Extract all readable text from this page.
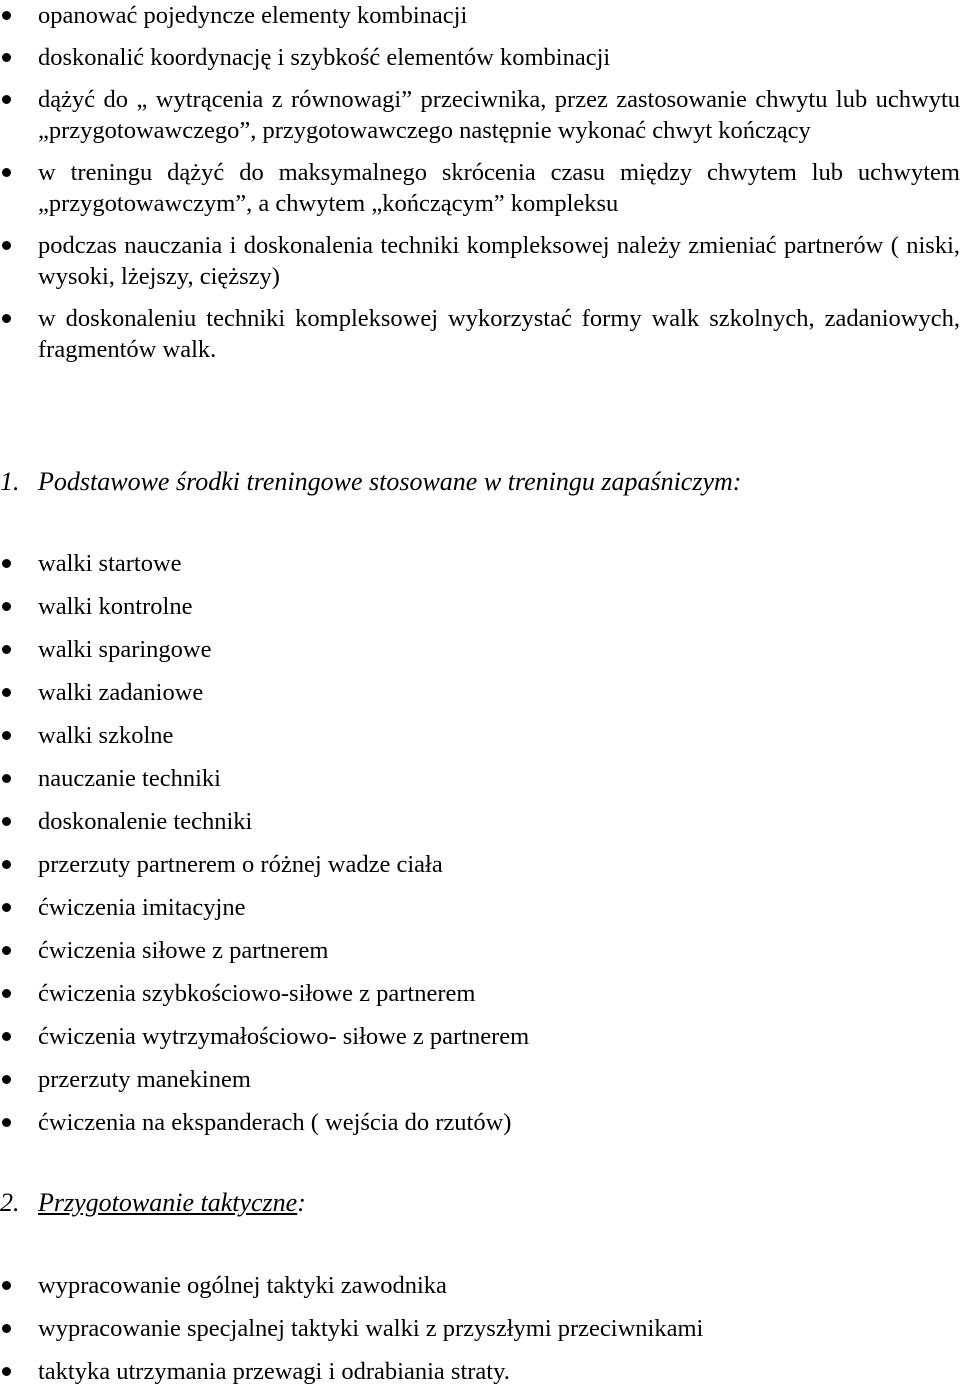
opanować pojedyncze elementy kombinacji
doskonalić koordynację i szybkość elementów kombinacji
dążyć do „ wytrącenia z równowagi” przeciwnika, przez zastosowanie chwytu lub uchwytu „przygotowawczego”, przygotowawczego następnie wykonać chwyt kończący
w treningu dążyć do maksymalnego skrócenia czasu między chwytem lub uchwytem „przygotowawczym”, a chwytem „kończącym” kompleksu
podczas nauczania i doskonalenia techniki kompleksowej należy zmieniać partnerów ( niski, wysoki, lżejszy, cięższy)
w doskonaleniu techniki kompleksowej wykorzystać formy walk szkolnych, zadaniowych, fragmentów walk.
1. Podstawowe środki treningowe stosowane w treningu zapaśniczym:
walki startowe
walki kontrolne
walki sparingowe
walki zadaniowe
walki szkolne
nauczanie techniki
doskonalenie techniki
przerzuty partnerem o różnej wadze ciała
ćwiczenia imitacyjne
ćwiczenia siłowe z partnerem
ćwiczenia szybkościowo-siłowe z partnerem
ćwiczenia wytrzymałościowo- siłowe z partnerem
przerzuty manekinem
ćwiczenia na ekspanderach ( wejścia do rzutów)
2. Przygotowanie taktyczne:
wypracowanie ogólnej taktyki zawodnika
wypracowanie specjalnej taktyki walki z przyszłymi przeciwnikami
taktyka utrzymania przewagi i odrabiania straty.
